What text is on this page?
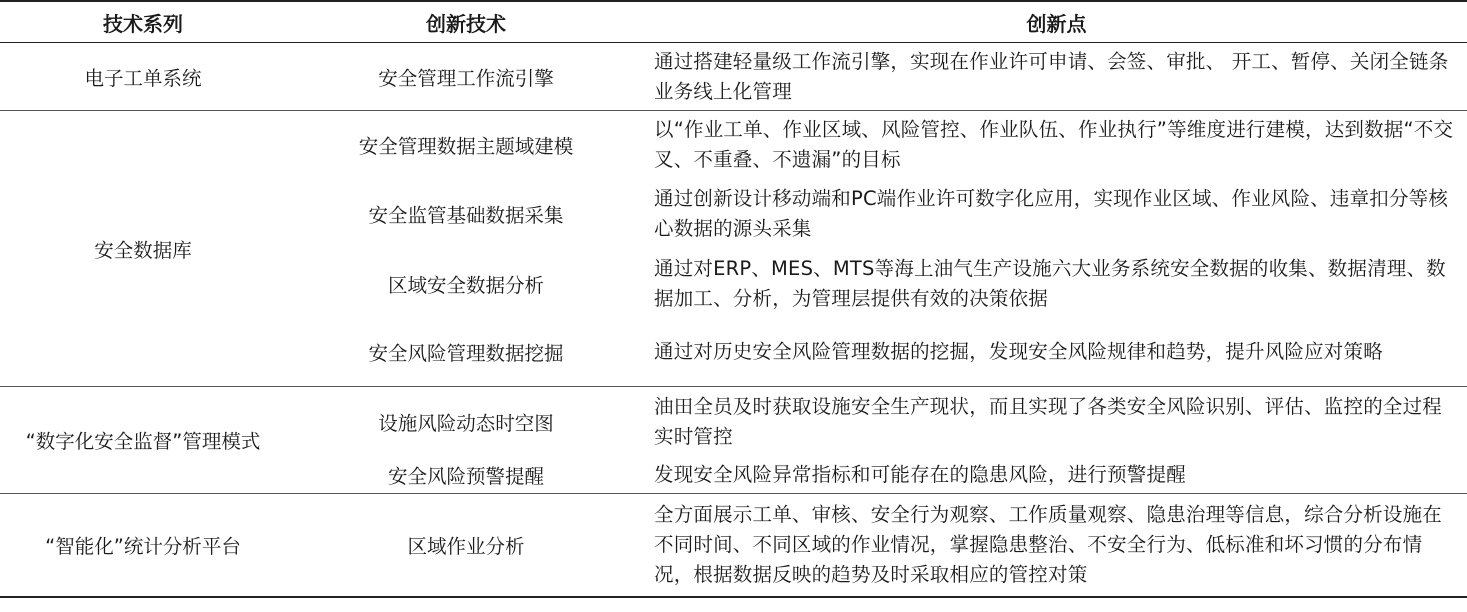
技术系列	创新技术	创新点
电子工单系统	安全管理工作流引擎	通过搭建轻量级工作流引擎，实现在作业许可申请、会签、审批、 开工、暂停、关闭全链条业务线上化管理
安全数据库	安全管理数据主题域建模	以“作业工单、作业区域、风险管控、作业队伍、作业执行”等维度进行建模，达到数据“不交叉、不重叠、不遗漏”的目标
	安全监管基础数据采集	通过创新设计移动端和PC端作业许可数字化应用，实现作业区域、作业风险、违章扣分等核心数据的源头采集
	区域安全数据分析	通过对ERP、MES、MTS等海上油气生产设施六大业务系统安全数据的收集、数据清理、数据加工、分析，为管理层提供有效的决策依据
	安全风险管理数据挖掘	通过对历史安全风险管理数据的挖掘，发现安全风险规律和趋势，提升风险应对策略
“数字化安全监督”管理模式	设施风险动态时空图	油田全员及时获取设施安全生产现状，而且实现了各类安全风险识别、评估、监控的全过程实时管控
	安全风险预警提醒	发现安全风险异常指标和可能存在的隐患风险，进行预警提醒
“智能化”统计分析平台	区域作业分析	全方面展示工单、审核、安全行为观察、工作质量观察、隐患治理等信息，综合分析设施在不同时间、不同区域的作业情况，掌握隐患整治、不安全行为、低标准和坏习惯的分布情况，根据数据反映的趋势及时采取相应的管控对策
